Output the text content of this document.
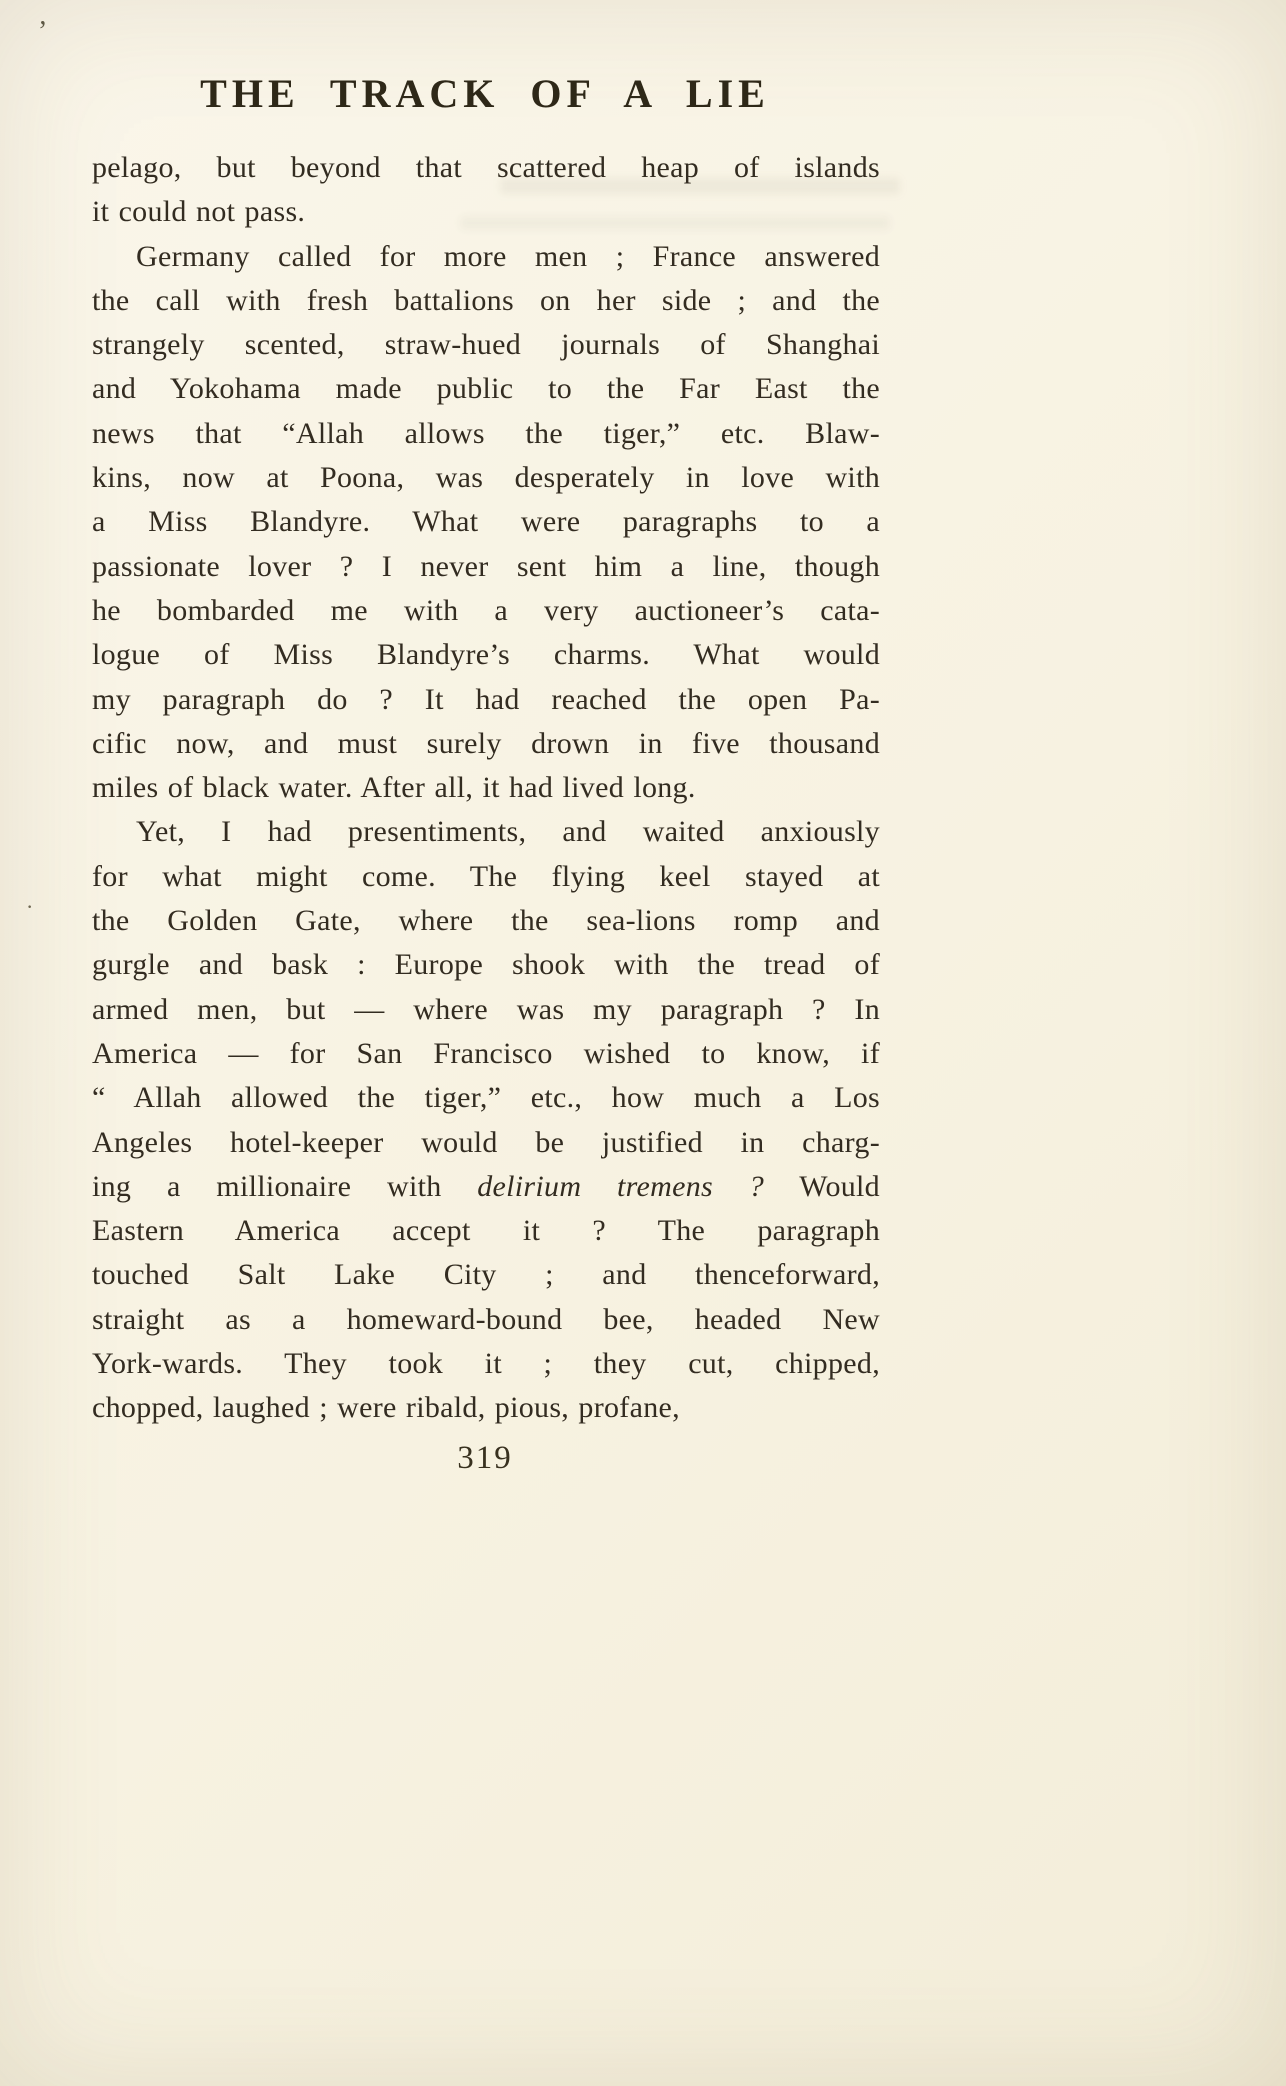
’
THE TRACK OF A LIE
pelago, but beyond that scattered heap of islands
it could not pass.
Germany called for more men ; France answered
the call with fresh battalions on her side ; and the
strangely scented, straw-hued journals of Shanghai
and Yokohama made public to the Far East the
news that “Allah allows the tiger,” etc. Blaw-
kins, now at Poona, was desperately in love with
a Miss Blandyre. What were paragraphs to a
passionate lover ? I never sent him a line, though
he bombarded me with a very auctioneer’s cata-
logue of Miss Blandyre’s charms. What would
my paragraph do ? It had reached the open Pa-
cific now, and must surely drown in five thousand
miles of black water. After all, it had lived long.
Yet, I had presentiments, and waited anxiously
for what might come. The flying keel stayed at
the Golden Gate, where the sea-lions romp and
gurgle and bask : Europe shook with the tread of
armed men, but — where was my paragraph ? In
America — for San Francisco wished to know, if
“ Allah allowed the tiger,” etc., how much a Los
Angeles hotel-keeper would be justified in charg-
ing a millionaire with delirium tremens ? Would
Eastern America accept it ? The paragraph
touched Salt Lake City ; and thenceforward,
straight as a homeward-bound bee, headed New
York-wards. They took it ; they cut, chipped,
chopped, laughed ; were ribald, pious, profane,
·
319
